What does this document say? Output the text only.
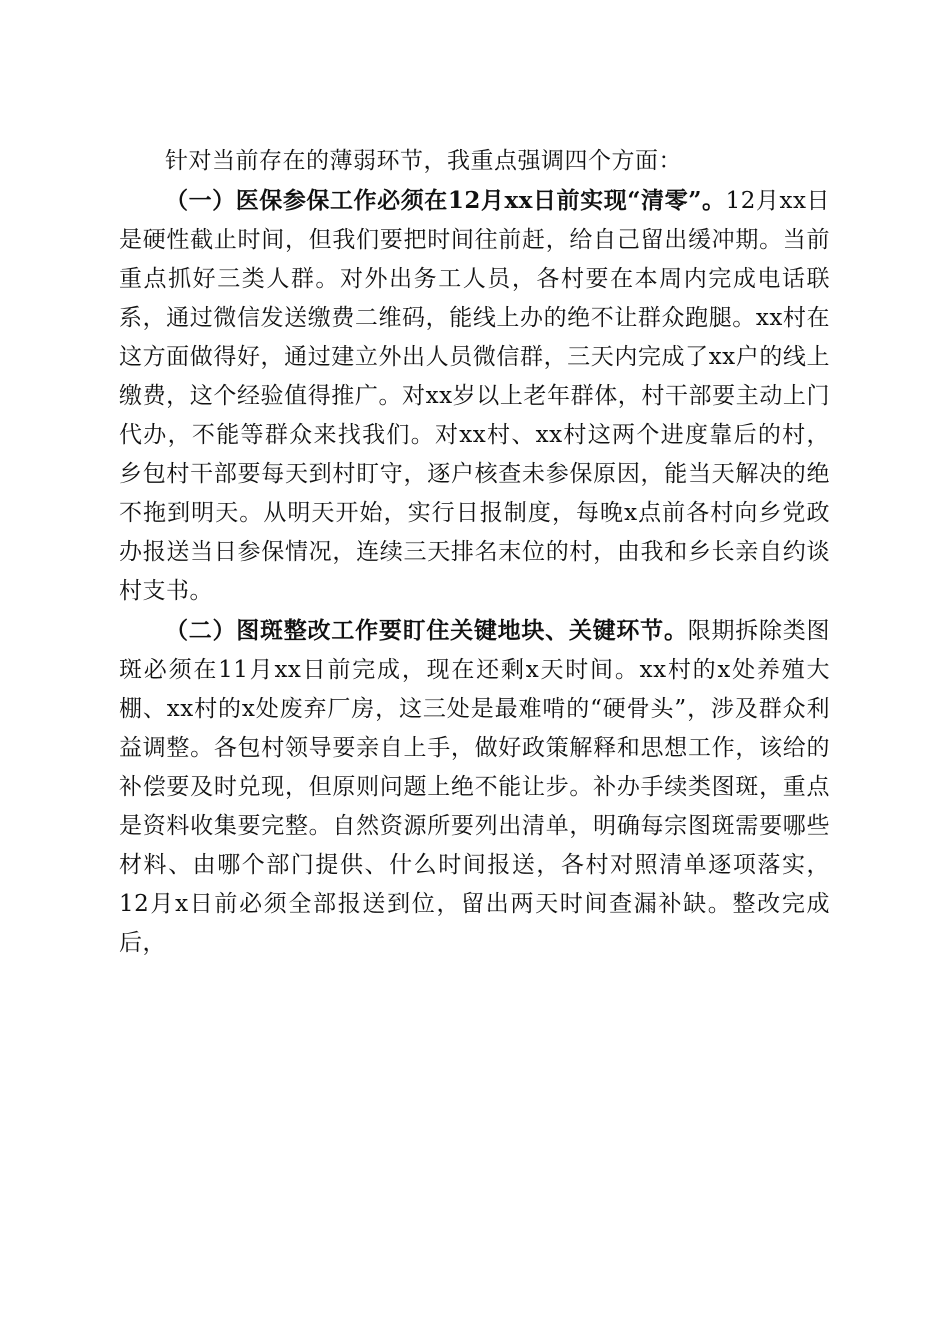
针对当前存在的薄弱环节，我重点强调四个方面：

（一）医保参保工作必须在12月xx日前实现“清零”。12月xx日是硬性截止时间，但我们要把时间往前赶，给自己留出缓冲期。当前重点抓好三类人群。对外出务工人员，各村要在本周内完成电话联系，通过微信发送缴费二维码，能线上办的绝不让群众跑腿。xx村在这方面做得好，通过建立外出人员微信群，三天内完成了xx户的线上缴费，这个经验值得推广。对xx岁以上老年群体，村干部要主动上门代办，不能等群众来找我们。对xx村、xx村这两个进度靠后的村，乡包村干部要每天到村盯守，逐户核查未参保原因，能当天解决的绝不拖到明天。从明天开始，实行日报制度，每晚x点前各村向乡党政办报送当日参保情况，连续三天排名末位的村，由我和乡长亲自约谈村支书。

（二）图斑整改工作要盯住关键地块、关键环节。限期拆除类图斑必须在11月xx日前完成，现在还剩x天时间。xx村的x处养殖大棚、xx村的x处废弃厂房，这三处是最难啃的“硬骨头”，涉及群众利益调整。各包村领导要亲自上手，做好政策解释和思想工作，该给的补偿要及时兑现，但原则问题上绝不能让步。补办手续类图斑，重点是资料收集要完整。自然资源所要列出清单，明确每宗图斑需要哪些材料、由哪个部门提供、什么时间报送，各村对照清单逐项落实，12月x日前必须全部报送到位，留出两天时间查漏补缺。整改完成后，
